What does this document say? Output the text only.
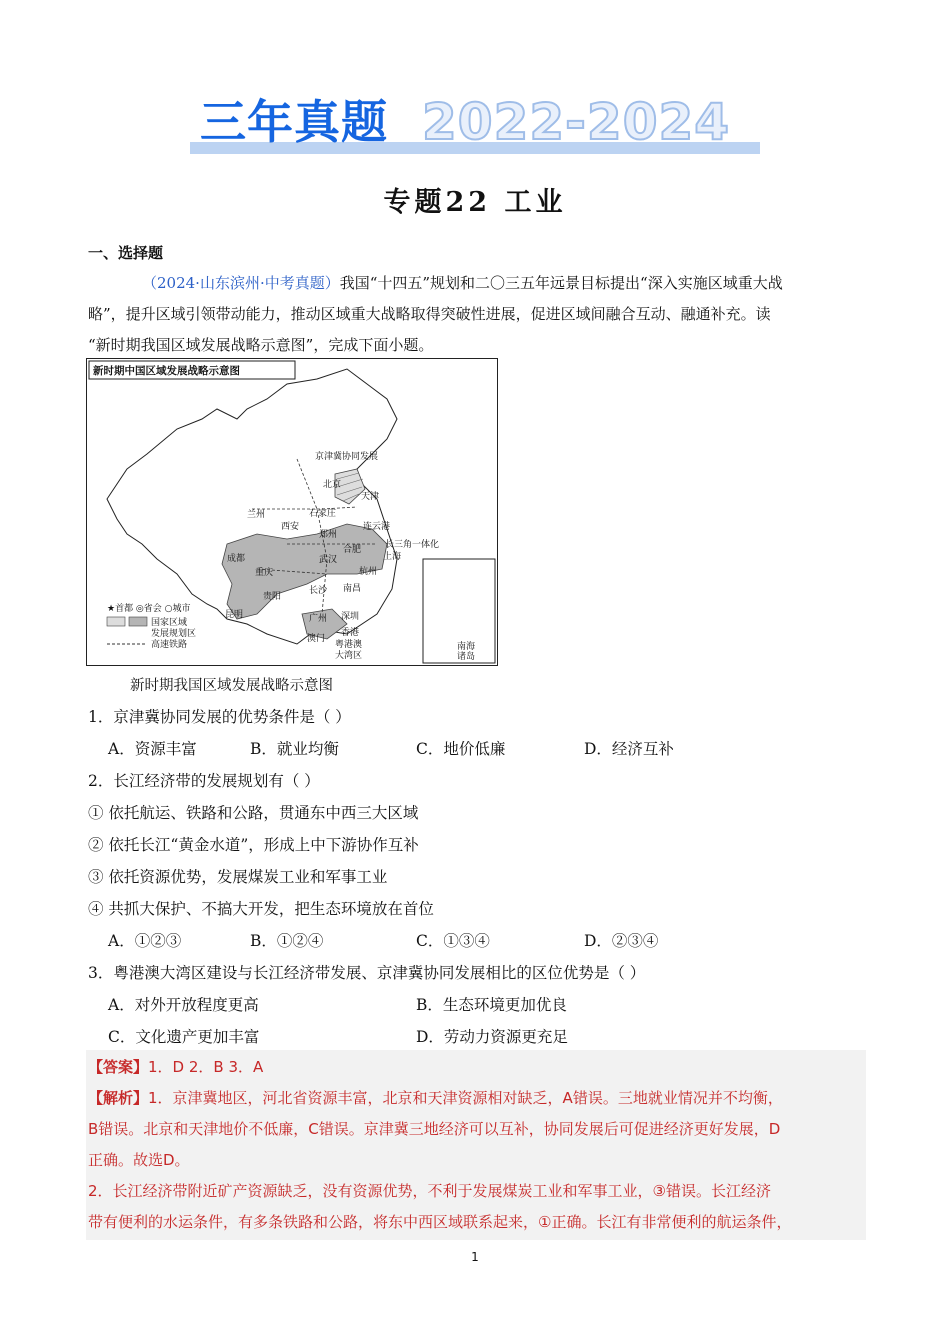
三年真题 2022-2024
专题22 工业
一、选择题
（2024·山东滨州·中考真题）我国“十四五”规划和二〇三五年远景目标提出“深入实施区域重大战
略”，提升区域引领带动能力，推动区域重大战略取得突破性进展，促进区域间融合互动、融通补充。读
“新时期我国区域发展战略示意图”，完成下面小题。
新时期中国区域发展战略示意图
南海
诸岛
京津冀协同发展
北京
天津
兰州	石家庄
西安
郑州
连云港
合肥	长三角一体化
上海
成都	武汉
杭州
重庆
长沙 南昌
贵阳
昆明	广州 深圳
澳门
香港
粤港澳
大湾区
★首都 ◎省会 ○城市
国家区域
发展规划区
高速铁路
新时期我国区域发展战略示意图
1．京津冀协同发展的优势条件是（ ）
A．资源丰富	B．就业均衡	C．地价低廉	D．经济互补
2．长江经济带的发展规划有（ ）
① 依托航运、铁路和公路，贯通东中西三大区域
② 依托长江“黄金水道”，形成上中下游协作互补
③ 依托资源优势，发展煤炭工业和军事工业
④ 共抓大保护、不搞大开发，把生态环境放在首位
A．①②③	B．①②④	C．①③④	D．②③④
3．粤港澳大湾区建设与长江经济带发展、京津冀协同发展相比的区位优势是（ ）
A．对外开放程度更高	B．生态环境更加优良
C．文化遗产更加丰富	D．劳动力资源更充足
【答案】1．D 2．B 3．A
【解析】1．京津冀地区，河北省资源丰富，北京和天津资源相对缺乏，A错误。三地就业情况并不均衡，
B错误。北京和天津地价不低廉，C错误。京津冀三地经济可以互补，协同发展后可促进经济更好发展，D
正确。故选D。
2．长江经济带附近矿产资源缺乏，没有资源优势，不利于发展煤炭工业和军事工业，③错误。长江经济
带有便利的水运条件，有多条铁路和公路，将东中西区域联系起来，①正确。长江有非常便利的航运条件，
1
